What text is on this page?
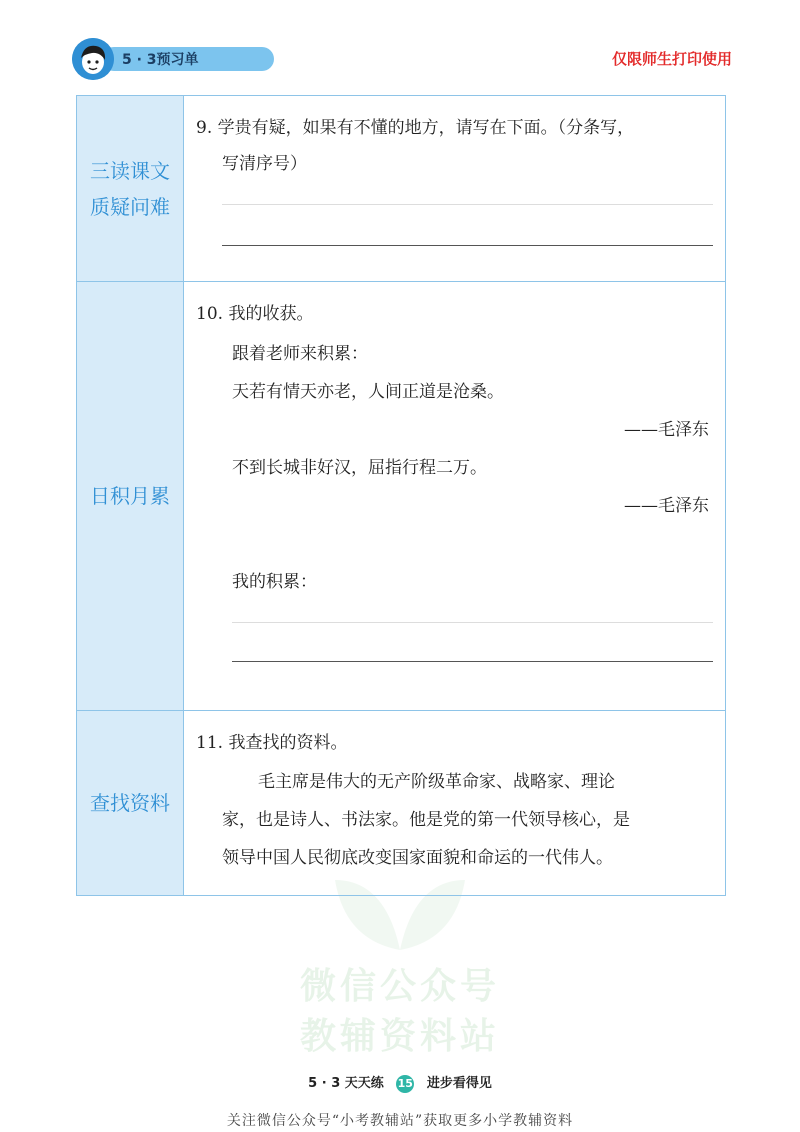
5 · 3预习单	仅限师生打印使用
微信公众号
教辅资料站
三读课文
质疑问难
9. 学贵有疑，如果有不懂的地方，请写在下面。（分条写，
写清序号）
日积月累
10. 我的收获。
跟着老师来积累：
天若有情天亦老，人间正道是沧桑。
——毛泽东
不到长城非好汉，屈指行程二万。
——毛泽东
我的积累：
查找资料
11. 我查找的资料。
毛主席是伟大的无产阶级革命家、战略家、理论
家，也是诗人、书法家。他是党的第一代领导核心，是
领导中国人民彻底改变国家面貌和命运的一代伟人。
5 · 3 天天练 15 进步看得见
关注微信公众号“小考教辅站”获取更多小学教辅资料
